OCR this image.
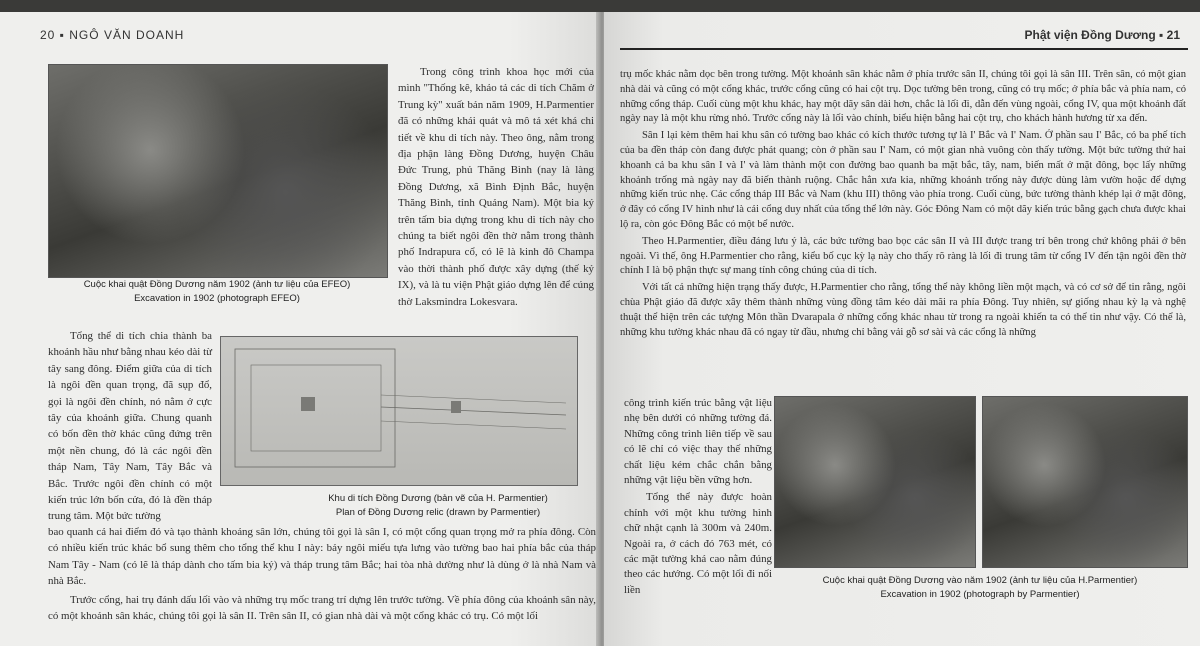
20 ▪ NGÔ VĂN DOANH
Cuộc khai quật Đồng Dương năm 1902 (ảnh tư liệu của EFEO)
Excavation in 1902 (photograph EFEO)

Trong công trình khoa học mới của mình "Thống kê, khảo tả các di tích Chăm ở Trung kỳ" xuất bản năm 1909, H.Parmentier đã có những khái quát và mô tả xét khá chi tiết về khu di tích này. Theo ông, nằm trong địa phận làng Đồng Dương, huyện Châu Đức Trung, phủ Thăng Bình (nay là làng Đồng Dương, xã Bình Định Bắc, huyện Thăng Bình, tỉnh Quảng Nam). Một bia ký trên tấm bia dựng trong khu di tích này cho chúng ta biết ngôi đền thờ nằm trong thành phố Indrapura cổ, có lẽ là kinh đô Champa vào thời thành phố được xây dựng (thế kỷ IX), và là tu viện Phật giáo dựng lên để cúng thờ Laksmindra Lokesvara.

Tổng thể di tích chia thành ba khoảnh hầu như bằng nhau kéo dài từ tây sang đông. Điểm giữa của di tích là ngôi đền quan trọng, đã sụp đổ, gọi là ngôi đền chính, nó nằm ở cực tây của khoảnh giữa. Chung quanh có bốn đền thờ khác cũng đứng trên một nền chung, đó là các ngôi đền tháp Nam, Tây Nam, Tây Bắc và Bắc. Trước ngôi đền chính có một kiến trúc lớn bốn cửa, đó là đền tháp trung tâm. Một bức tường

Khu di tích Đồng Dương (bản vẽ của H. Parmentier)
Plan of Đồng Dương relic (drawn by Parmentier)

bao quanh cả hai điểm đó và tạo thành khoảng sân lớn, chúng tôi gọi là sân I, có một cổng quan trọng mở ra phía đông. Còn có nhiều kiến trúc khác bổ sung thêm cho tổng thể khu I này: bảy ngôi miếu tựa lưng vào tường bao hai phía bắc của tháp Nam Tây - Nam (có lẽ là tháp dành cho tấm bia ký) và tháp trung tâm Bắc; hai tòa nhà dường như là dùng ở là nhà Nam và nhà Bắc.

Trước cổng, hai trụ đánh dấu lối vào và những trụ mốc trang trí dựng lên trước tường. Về phía đông của khoảnh sân này, có một khoảnh sân khác, chúng tôi gọi là sân II. Trên sân II, có gian nhà dài và một cổng khác có trụ. Có một lối

Phật viện Đồng Dương ▪ 21

trụ mốc khác nằm dọc bên trong tường. Một khoảnh sân khác nằm ở phía trước sân II, chúng tôi gọi là sân III. Trên sân, có một gian nhà dài và cũng có một cổng khác, trước cổng cũng có hai cột trụ. Dọc tường bên trong, cũng có trụ mốc; ở phía bắc và phía nam, có những cổng tháp. Cuối cùng một khu khác, hay một dãy sân dài hơn, chắc là lối đi, dẫn đến vùng ngoài, cổng IV, qua một khoảnh đất ngày nay là một khu rừng nhỏ. Trước cổng này là lối vào chính, biểu hiện bằng hai cột trụ, cho khách hành hương từ xa đến.

Sân I lại kèm thêm hai khu sân có tường bao khác có kích thước tương tự là I' Bắc và I' Nam. Ở phần sau I' Bắc, có ba phế tích của ba đền tháp còn đang được phát quang; còn ở phần sau I' Nam, có một gian nhà vuông còn thấy tường. Một bức tường thứ hai khoanh cả ba khu sân I và I' và làm thành một con đường bao quanh ba mặt bắc, tây, nam, biến mất ở mặt đông, bọc lấy những khoảnh trống mà ngày nay đã biến thành ruộng. Chắc hẳn xưa kia, những khoảnh trống này được dùng làm vườn hoặc để dựng những kiến trúc nhẹ. Các cổng tháp III Bắc và Nam (khu III) thông vào phía trong. Cuối cùng, bức tường thành khép lại ở mặt đông, ở đây có cổng IV hình như là cái cổng duy nhất của tổng thể lớn này. Góc Đông Nam có một dãy kiến trúc bằng gạch chưa được khai lộ ra, còn góc Đông Bắc có một bể nước.

Theo H.Parmentier, điều đáng lưu ý là, các bức tường bao bọc các sân II và III được trang trí bên trong chứ không phải ở bên ngoài. Vì thế, ông H.Parmentier cho rằng, kiểu bố cục kỳ lạ này cho thấy rõ ràng là lối đi trung tâm từ cổng IV đến tận ngôi đền thờ chính I là bộ phận thực sự mang tính công chúng của di tích.

Với tất cả những hiện trạng thấy được, H.Parmentier cho rằng, tổng thể này không liền một mạch, và có cơ sở để tin rằng, ngôi chùa Phật giáo đã được xây thêm thành những vùng đồng tâm kéo dài mãi ra phía Đông. Tuy nhiên, sự giống nhau kỳ lạ và nghệ thuật thể hiện trên các tượng Môn thần Dvarapala ở những cổng khác nhau từ trong ra ngoài khiến ta có thể tin như vậy. Có thể là, những khu tường khác nhau đã có ngay từ đầu, nhưng chỉ bằng vải gỗ sơ sài và các cổng là những

công trình kiến trúc bằng vật liệu nhẹ bên dưới có những tường đá. Những công trình liên tiếp về sau có lẽ chỉ có việc thay thế những chất liệu kém chắc chắn bằng những vật liệu bền vững hơn.

Tổng thể này được hoàn chỉnh với một khu tường hình chữ nhật cạnh là 300m và 240m. Ngoài ra, ở cách đó 763 mét, có các mặt tường khá cao nằm đúng theo các hướng. Có một lối đi nối liền

Cuộc khai quật Đồng Dương vào năm 1902 (ảnh tư liệu của H.Parmentier)
Excavation in 1902 (photograph by Parmentier)
